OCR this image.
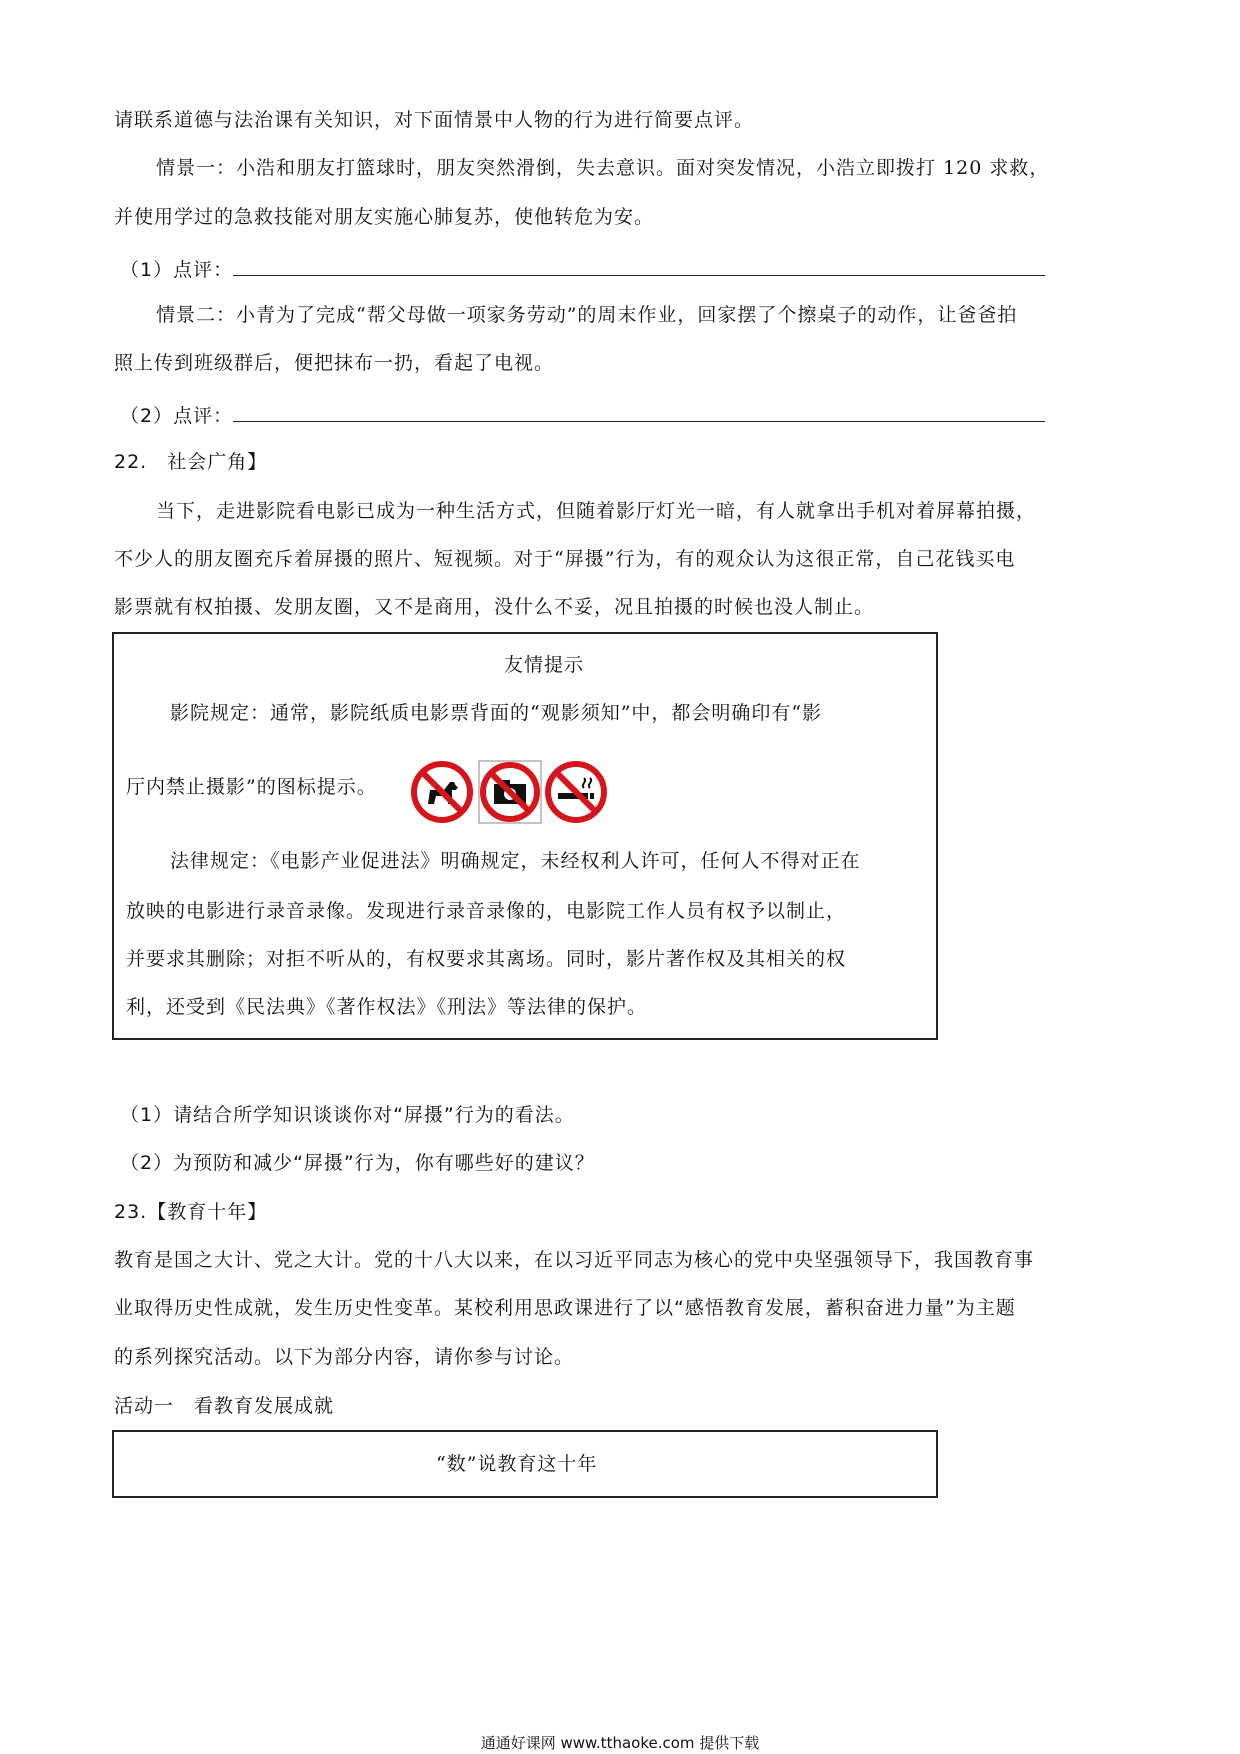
请联系道德与法治课有关知识，对下面情景中人物的行为进行简要点评。
情景一：小浩和朋友打篮球时，朋友突然滑倒，失去意识。面对突发情况，小浩立即拨打 120 求救，
并使用学过的急救技能对朋友实施心肺复苏，使他转危为安。
（1）点评：
情景二：小青为了完成“帮父母做一项家务劳动”的周末作业，回家摆了个擦桌子的动作，让爸爸拍
照上传到班级群后，便把抹布一扔，看起了电视。
（2）点评：
22.　社会广角】
当下，走进影院看电影已成为一种生活方式，但随着影厅灯光一暗，有人就拿出手机对着屏幕拍摄，
不少人的朋友圈充斥着屏摄的照片、短视频。对于“屏摄”行为，有的观众认为这很正常，自己花钱买电
影票就有权拍摄、发朋友圈，又不是商用，没什么不妥，况且拍摄的时候也没人制止。
友情提示
影院规定：通常，影院纸质电影票背面的“观影须知”中，都会明确印有“影
厅内禁止摄影”的图标提示。
法律规定：《电影产业促进法》明确规定，未经权利人许可，任何人不得对正在
放映的电影进行录音录像。发现进行录音录像的，电影院工作人员有权予以制止，
并要求其删除；对拒不听从的，有权要求其离场。同时，影片著作权及其相关的权
利，还受到《民法典》《著作权法》《刑法》等法律的保护。
（1）请结合所学知识谈谈你对“屏摄”行为的看法。
（2）为预防和减少“屏摄”行为，你有哪些好的建议？
23.【教育十年】
教育是国之大计、党之大计。党的十八大以来，在以习近平同志为核心的党中央坚强领导下，我国教育事
业取得历史性成就，发生历史性变革。某校利用思政课进行了以“感悟教育发展，蓄积奋进力量”为主题
的系列探究活动。以下为部分内容，请你参与讨论。
活动一　看教育发展成就
“数”说教育这十年
通通好课网 www.tthaoke.com 提供下载
